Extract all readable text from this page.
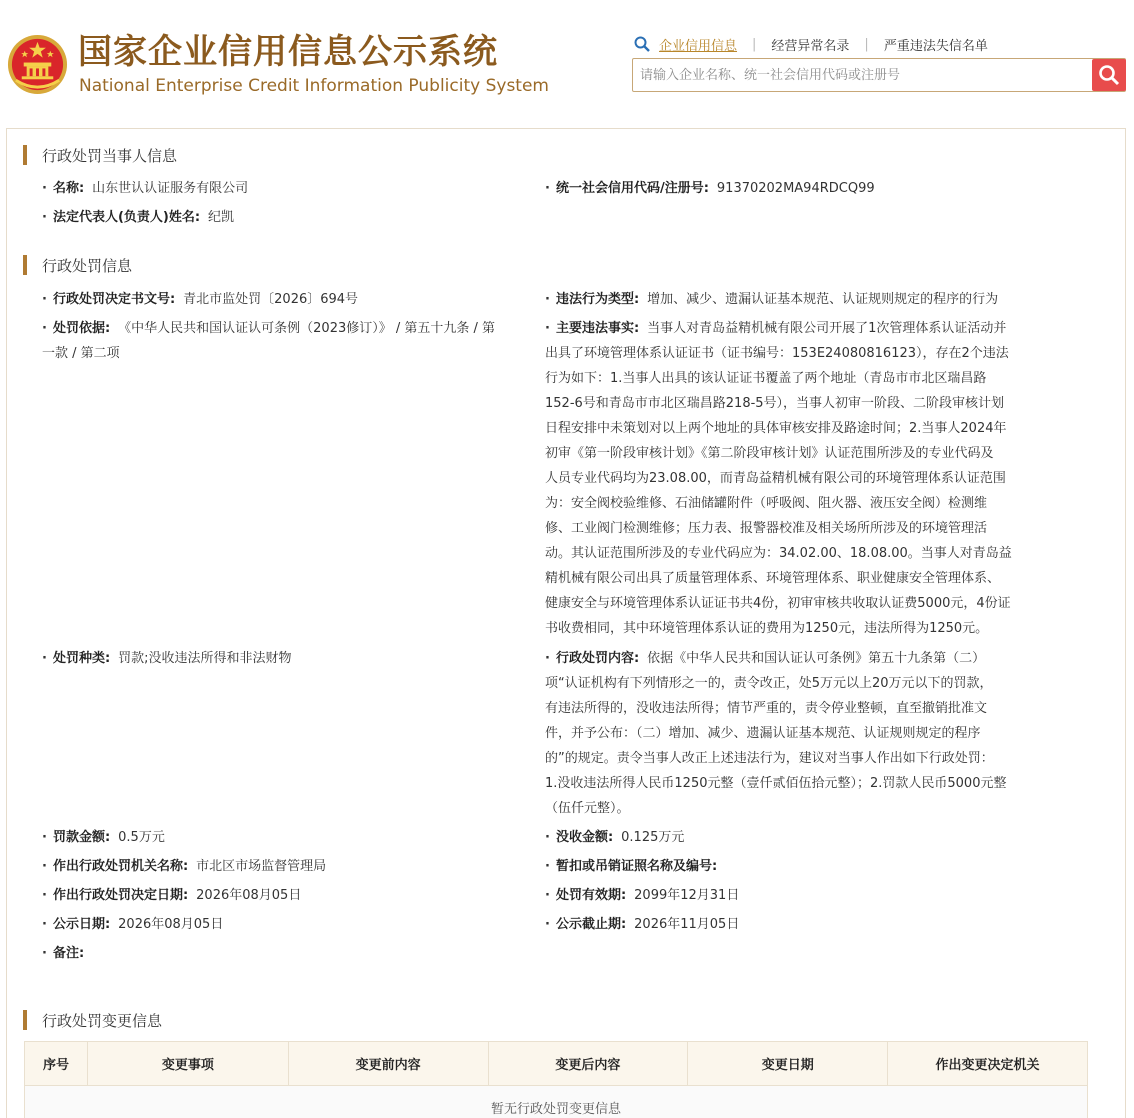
国家企业信用信息公示系统
National Enterprise Credit Information Publicity System
企业信用信息 | 经营异常名录 | 严重违法失信名单
请输入企业名称、统一社会信用代码或注册号
行政处罚当事人信息
· 名称: 山东世认认证服务有限公司	· 统一社会信用代码/注册号: 91370202MA94RDCQ99
· 法定代表人(负责人)姓名: 纪凯
行政处罚信息
· 行政处罚决定书文号: 青北市监处罚〔2026〕694号	· 违法行为类型: 增加、减少、遗漏认证基本规范、认证规则规定的程序的行为
· 处罚依据: 《中华人民共和国认证认可条例（2023修订）》 / 第五十九条 / 第
一款 / 第二项
· 主要违法事实: 当事人对青岛益精机械有限公司开展了1次管理体系认证活动并
出具了环境管理体系认证证书（证书编号：153E24080816123），存在2个违法
行为如下：1.当事人出具的该认证证书覆盖了两个地址（青岛市市北区瑞昌路
152-6号和青岛市市北区瑞昌路218-5号），当事人初审一阶段、二阶段审核计划
日程安排中未策划对以上两个地址的具体审核安排及路途时间；2.当事人2024年
初审《第一阶段审核计划》《第二阶段审核计划》认证范围所涉及的专业代码及
人员专业代码均为23.08.00，而青岛益精机械有限公司的环境管理体系认证范围
为：安全阀校验维修、石油储罐附件（呼吸阀、阻火器、液压安全阀）检测维
修、工业阀门检测维修；压力表、报警器校准及相关场所所涉及的环境管理活
动。其认证范围所涉及的专业代码应为：34.02.00、18.08.00。当事人对青岛益
精机械有限公司出具了质量管理体系、环境管理体系、职业健康安全管理体系、
健康安全与环境管理体系认证证书共4份，初审审核共收取认证费5000元，4份证
书收费相同，其中环境管理体系认证的费用为1250元，违法所得为1250元。
· 处罚种类: 罚款;没收违法所得和非法财物	· 行政处罚内容: 依据《中华人民共和国认证认可条例》第五十九条第（二）
项“认证机构有下列情形之一的，责令改正，处5万元以上20万元以下的罚款，
有违法所得的，没收违法所得；情节严重的，责令停业整顿，直至撤销批准文
件，并予公布：（二）增加、减少、遗漏认证基本规范、认证规则规定的程序
的”的规定。责令当事人改正上述违法行为，建议对当事人作出如下行政处罚：
1.没收违法所得人民币1250元整（壹仟贰佰伍拾元整）；2.罚款人民币5000元整
（伍仟元整）。
· 罚款金额: 0.5万元	· 没收金额: 0.125万元
· 作出行政处罚机关名称: 市北区市场监督管理局	· 暂扣或吊销证照名称及编号:
· 作出行政处罚决定日期: 2026年08月05日	· 处罚有效期: 2099年12月31日
· 公示日期: 2026年08月05日	· 公示截止期: 2026年11月05日
· 备注:
行政处罚变更信息
序号	变更事项	变更前内容	变更后内容	变更日期	作出变更决定机关
暂无行政处罚变更信息
